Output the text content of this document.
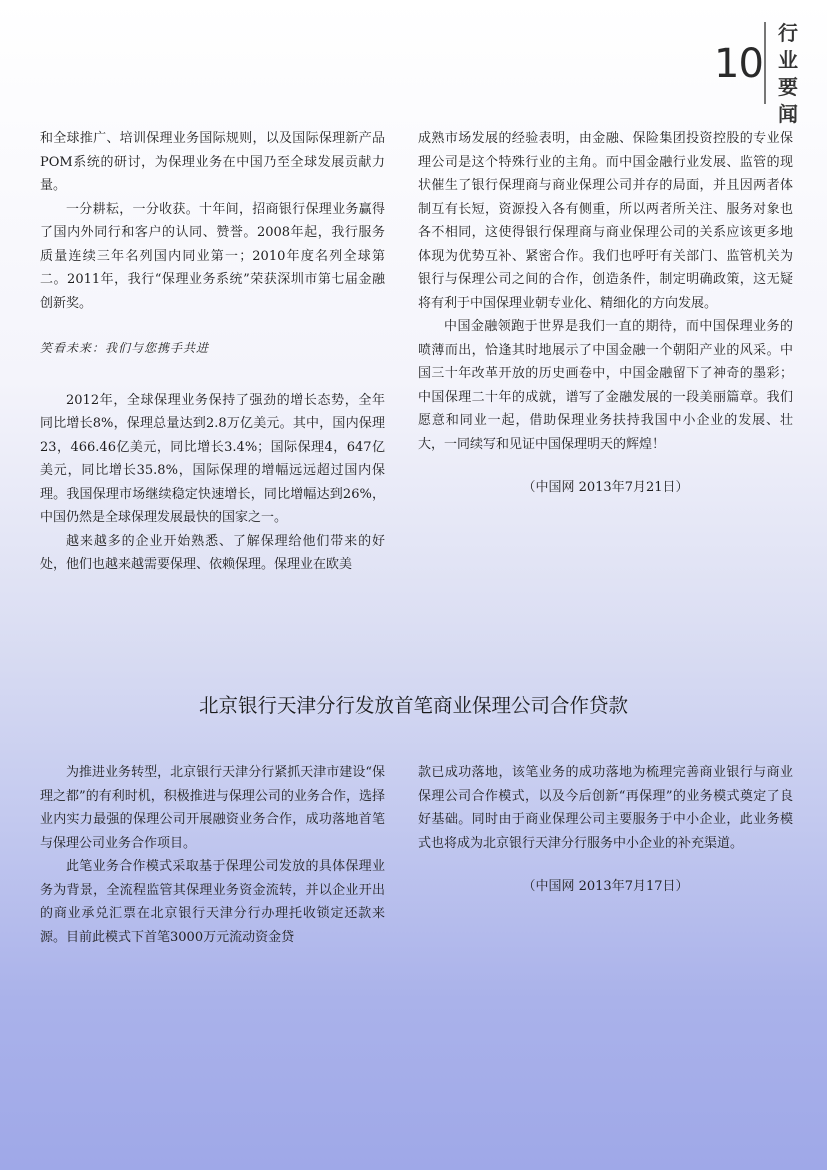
10
行
业
要
闻

和全球推广、培训保理业务国际规则，以及国际保理新产品POM系统的研讨，为保理业务在中国乃至全球发展贡献力量。

一分耕耘，一分收获。十年间，招商银行保理业务赢得了国内外同行和客户的认同、赞誉。2008年起，我行服务质量连续三年名列国内同业第一；2010年度名列全球第二。2011年，我行“保理业务系统”荣获深圳市第七届金融创新奖。

笑看未来：我们与您携手共进

2012年，全球保理业务保持了强劲的增长态势，全年同比增长8%，保理总量达到2.8万亿美元。其中，国内保理23，466.46亿美元，同比增长3.4%；国际保理4，647亿美元，同比增长35.8%，国际保理的增幅远远超过国内保理。我国保理市场继续稳定快速增长，同比增幅达到26%，中国仍然是全球保理发展最快的国家之一。

越来越多的企业开始熟悉、了解保理给他们带来的好处，他们也越来越需要保理、依赖保理。保理业在欧美

成熟市场发展的经验表明，由金融、保险集团投资控股的专业保理公司是这个特殊行业的主角。而中国金融行业发展、监管的现状催生了银行保理商与商业保理公司并存的局面，并且因两者体制互有长短，资源投入各有侧重，所以两者所关注、服务对象也各不相同，这使得银行保理商与商业保理公司的关系应该更多地体现为优势互补、紧密合作。我们也呼吁有关部门、监管机关为银行与保理公司之间的合作，创造条件，制定明确政策，这无疑将有利于中国保理业朝专业化、精细化的方向发展。

中国金融领跑于世界是我们一直的期待，而中国保理业务的喷薄而出，恰逢其时地展示了中国金融一个朝阳产业的风采。中国三十年改革开放的历史画卷中，中国金融留下了神奇的墨彩；中国保理二十年的成就，谱写了金融发展的一段美丽篇章。我们愿意和同业一起，借助保理业务扶持我国中小企业的发展、壮大，一同续写和见证中国保理明天的辉煌！

（中国网 2013年7月21日）

北京银行天津分行发放首笔商业保理公司合作贷款

为推进业务转型，北京银行天津分行紧抓天津市建设“保理之都”的有利时机，积极推进与保理公司的业务合作，选择业内实力最强的保理公司开展融资业务合作，成功落地首笔与保理公司业务合作项目。

此笔业务合作模式采取基于保理公司发放的具体保理业务为背景，全流程监管其保理业务资金流转，并以企业开出的商业承兑汇票在北京银行天津分行办理托收锁定还款来源。目前此模式下首笔3000万元流动资金贷

款已成功落地，该笔业务的成功落地为梳理完善商业银行与商业保理公司合作模式，以及今后创新“再保理”的业务模式奠定了良好基础。同时由于商业保理公司主要服务于中小企业，此业务模式也将成为北京银行天津分行服务中小企业的补充渠道。

（中国网 2013年7月17日）
